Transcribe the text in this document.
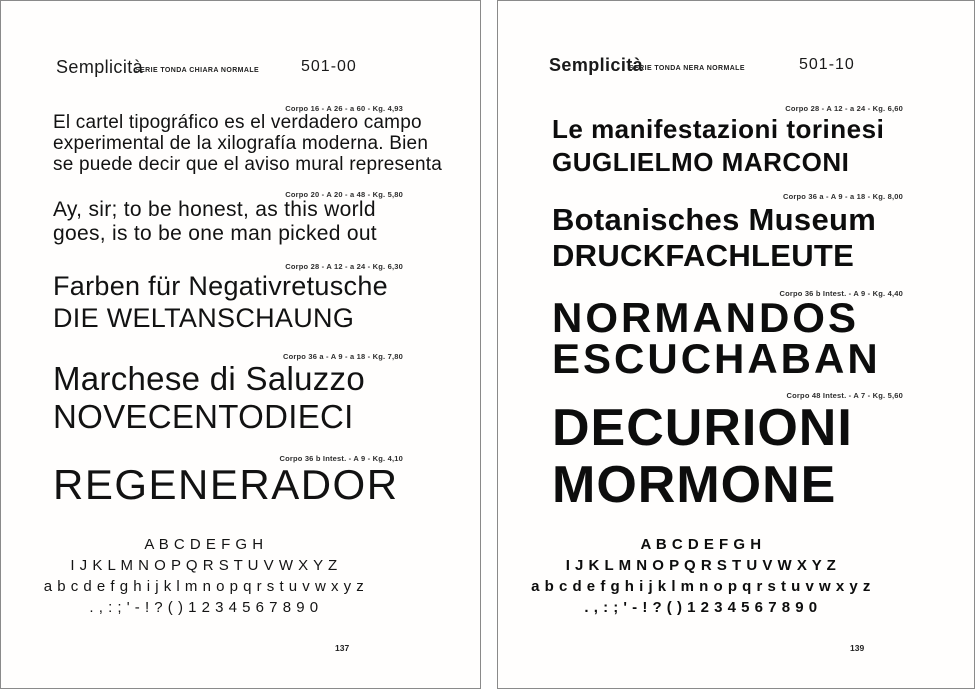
Semplicità
SERIE TONDA CHIARA NORMALE	501-00
Corpo 16 - A 26 - a 60 - Kg. 4,93
El cartel tipográfico es el verdadero campo
experimental de la xilografía moderna. Bien
se puede decir que el aviso mural representa
Corpo 20 - A 20 - a 48 - Kg. 5,80
Ay, sir; to be honest, as this world
goes, is to be one man picked out
Corpo 28 - A 12 - a 24 - Kg. 6,30
Farben für Negativretusche
DIE WELTANSCHAUNG
Corpo 36 a - A 9 - a 18 - Kg. 7,80
Marchese di Saluzzo
NOVECENTODIECI
Corpo 36 b Intest. - A 9 - Kg. 4,10
REGENERADOR
A B C D E F G H
I J K L M N O P Q R S T U V W X Y Z
a b c d e f g h i j k l m n o p q r s t u v w x y z
. , : ; ' - ! ? ( ) 1 2 3 4 5 6 7 8 9 0
137
Semplicità
SERIE TONDA NERA NORMALE	501-10
Corpo 28 - A 12 - a 24 - Kg. 6,60
Le manifestazioni torinesi
GUGLIELMO MARCONI
Corpo 36 a - A 9 - a 18 - Kg. 8,00
Botanisches Museum
DRUCKFACHLEUTE
Corpo 36 b Intest. - A 9 - Kg. 4,40
NORMANDOS
ESCUCHABAN
Corpo 48 Intest. - A 7 - Kg. 5,60
DECURIONI
MORMONE
A B C D E F G H
I J K L M N O P Q R S T U V W X Y Z
a b c d e f g h i j k l m n o p q r s t u v w x y z
. , : ; ' - ! ? ( ) 1 2 3 4 5 6 7 8 9 0
139
